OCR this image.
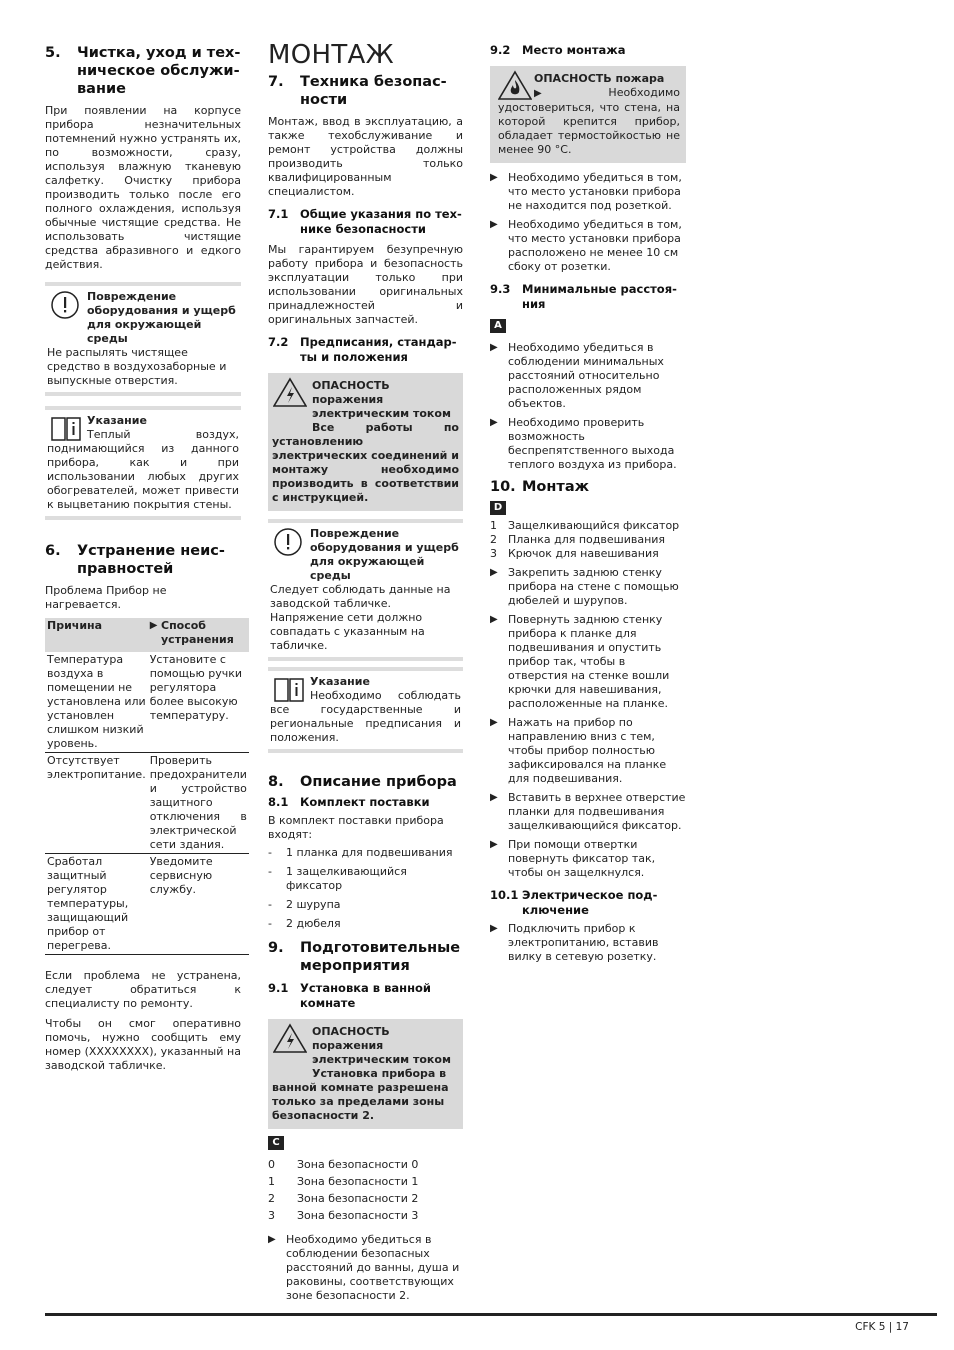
5.	Чистка, уход и тех-ническое обслужи-вание

При появлении на корпусе прибора незначительных потемнений нужно устранять их, по возможности, сразу, используя влажную тканевую салфетку. Очистку прибора производить только после его полного охлаждения, используя обычные чистящие средства. Не использовать чистящие средства абразивного и едкого действия.

Повреждение оборудования и ущерб для окружающей среды
Не распылять чистящее средство в воздухозаборные и выпускные отверстия.
Указание
Теплый воздух, поднимающийся из данного прибора, как и при использовании любых других обогревателей, может привести к выцветанию покрытия стены.
6.	Устранение неис-правностей

Проблема Прибор не нагревается.

Причина	▶ Способ устранения

Температура воздуха в помещении не установлена или установлен слишком низкий уровень.	Установите с помощью ручки регулятора более высокую температуру.
Отсутствует электропитание.	Проверить предохранители и устройство защитного отключения в электрической сети здания.
Сработал защитный регулятор температуры, защищающий прибор от перегрева.	Уведомите сервисную службу.

Если проблема не устранена, следует обратиться к специалисту по ремонту.

Чтобы он смог оперативно помочь, нужно сообщить ему номер (XXXXXXXX), указанный на заводской табличке.

МОНТАЖ
7.	Техника безопас-ности

Монтаж, ввод в эксплуатацию, а также техобслуживание и ремонт устройства должны производить только квалифицированным специалистом.

7.1	Общие указания по тех-нике безопасности

Мы гарантируем безупречную работу прибора и безопасность эксплуатации только при использовании оригинальных принадлежностей и оригинальных запчастей.

7.2	Предписания, стандар-ты и положения
ОПАСНОСТЬ поражения электрическим током
Все работы по установлению электрических соединений и монтажу необходимо производить в соответствии с инструкцией.
Повреждение оборудования и ущерб для окружающей среды
Следует соблюдать данные на заводской табличке. Напряжение сети должно совпадать с указанным на табличке.
Указание
Необходимо соблюдать все государственные и региональные предписания и положения.
8.	Описание прибора
8.1	Комплект поставки

В комплект поставки прибора входят:

-	1 планка для подвешивания
-	1 защелкивающийся фиксатор
-	2 шурупа
-	2 дюбеля
9.	Подготовительные мероприятия
9.1	Установка в ванной комнате
ОПАСНОСТЬ поражения электрическим током
Установка прибора в ванной комнате разрешена только за пределами зоны безопасности 2.
C
0	Зона безопасности 0
1	Зона безопасности 1
2	Зона безопасности 2
3	Зона безопасности 3
▶ Необходимо убедиться в соблюдении безопасных расстояний до ванны, душа и раковины, соответствующих зоне безопасности 2.
9.2	Место монтажа
ОПАСНОСТЬ пожара
▶Необходимо удостовериться, что стена, на которой крепится прибор, обладает термостойкостью не менее 90 °C.
▶ Необходимо убедиться в том, что место установки прибора не находится под розеткой.
▶ Необходимо убедиться в том, что место установки прибора расположено не менее 10 см сбоку от розетки.
9.3	Минимальные расстоя-ния
A
▶ Необходимо убедиться в соблюдении минимальных расстояний относительно расположенных рядом объектов.
▶ Необходимо проверить возможность беспрепятственного выхода теплого воздуха из прибора.
10. Монтаж
D
1	Защелкивающийся фиксатор
2	Планка для подвешивания
3	Крючок для навешивания
▶ Закрепить заднюю стенку прибора на стене с помощью дюбелей и шурупов.
▶ Повернуть заднюю стенку прибора к планке для подвешивания и опустить прибор так, чтобы в отверстия на стенке вошли крючки для навешивания, расположенные на планке.
▶ Нажать на прибор по направлению вниз с тем, чтобы прибор полностью зафиксировался на планке для подвешивания.
▶ Вставить в верхнее отверстие планки для подвешивания защелкивающийся фиксатор.
▶ При помощи отвертки повернуть фиксатор так, чтобы он защелкнулся.
10.1 Электрическое под-ключение
▶ Подключить прибор к электропитанию, вставив вилку в сетевую розетку.
CFK 5 | 17
